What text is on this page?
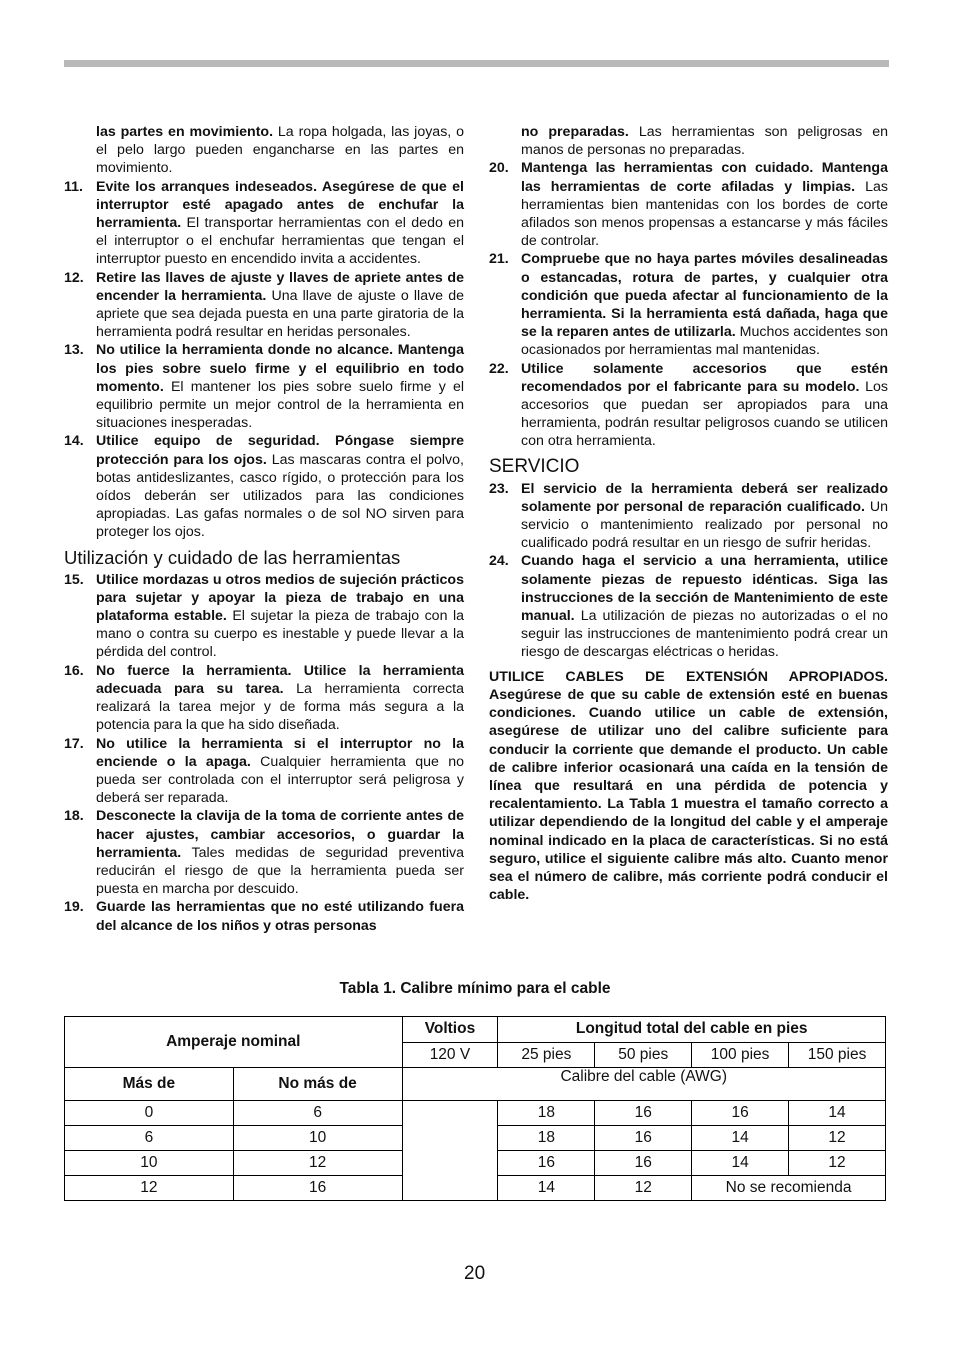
las partes en movimiento. La ropa holgada, las joyas, o el pelo largo pueden engancharse en las partes en movimiento.
11. Evite los arranques indeseados. Asegúrese de que el interruptor esté apagado antes de enchufar la herramienta. El transportar herramientas con el dedo en el interruptor o el enchufar herramientas que tengan el interruptor puesto en encendido invita a accidentes.
12. Retire las llaves de ajuste y llaves de apriete antes de encender la herramienta. Una llave de ajuste o llave de apriete que sea dejada puesta en una parte giratoria de la herramienta podrá resultar en heridas personales.
13. No utilice la herramienta donde no alcance. Mantenga los pies sobre suelo firme y el equilibrio en todo momento. El mantener los pies sobre suelo firme y el equilibrio permite un mejor control de la herramienta en situaciones inesperadas.
14. Utilice equipo de seguridad. Póngase siempre protección para los ojos. Las mascaras contra el polvo, botas antideslizantes, casco rígido, o protección para los oídos deberán ser utilizados para las condiciones apropiadas. Las gafas normales o de sol NO sirven para proteger los ojos.
Utilización y cuidado de las herramientas
15. Utilice mordazas u otros medios de sujeción prácticos para sujetar y apoyar la pieza de trabajo en una plataforma estable. El sujetar la pieza de trabajo con la mano o contra su cuerpo es inestable y puede llevar a la pérdida del control.
16. No fuerce la herramienta. Utilice la herramienta adecuada para su tarea. La herramienta correcta realizará la tarea mejor y de forma más segura a la potencia para la que ha sido diseñada.
17. No utilice la herramienta si el interruptor no la enciende o la apaga. Cualquier herramienta que no pueda ser controlada con el interruptor será peligrosa y deberá ser reparada.
18. Desconecte la clavija de la toma de corriente antes de hacer ajustes, cambiar accesorios, o guardar la herramienta. Tales medidas de seguridad preventiva reducirán el riesgo de que la herramienta pueda ser puesta en marcha por descuido.
19. Guarde las herramientas que no esté utilizando fuera del alcance de los niños y otras personas
no preparadas. Las herramientas son peligrosas en manos de personas no preparadas.
20. Mantenga las herramientas con cuidado. Mantenga las herramientas de corte afiladas y limpias. Las herramientas bien mantenidas con los bordes de corte afilados son menos propensas a estancarse y más fáciles de controlar.
21. Compruebe que no haya partes móviles desalineadas o estancadas, rotura de partes, y cualquier otra condición que pueda afectar al funcionamiento de la herramienta. Si la herramienta está dañada, haga que se la reparen antes de utilizarla. Muchos accidentes son ocasionados por herramientas mal mantenidas.
22. Utilice solamente accesorios que estén recomendados por el fabricante para su modelo. Los accesorios que puedan ser apropiados para una herramienta, podrán resultar peligrosos cuando se utilicen con otra herramienta.
SERVICIO
23. El servicio de la herramienta deberá ser realizado solamente por personal de reparación cualificado. Un servicio o mantenimiento realizado por personal no cualificado podrá resultar en un riesgo de sufrir heridas.
24. Cuando haga el servicio a una herramienta, utilice solamente piezas de repuesto idénticas. Siga las instrucciones de la sección de Mantenimiento de este manual. La utilización de piezas no autorizadas o el no seguir las instrucciones de mantenimiento podrá crear un riesgo de descargas eléctricas o heridas.
UTILICE CABLES DE EXTENSIÓN APROPIADOS. Asegúrese de que su cable de extensión esté en buenas condiciones. Cuando utilice un cable de extensión, asegúrese de utilizar uno del calibre suficiente para conducir la corriente que demande el producto. Un cable de calibre inferior ocasionará una caída en la tensión de línea que resultará en una pérdida de potencia y recalentamiento. La Tabla 1 muestra el tamaño correcto a utilizar dependiendo de la longitud del cable y el amperaje nominal indicado en la placa de características. Si no está seguro, utilice el siguiente calibre más alto. Cuanto menor sea el número de calibre, más corriente podrá conducir el cable.
Tabla 1. Calibre mínimo para el cable
Amperaje nominal		Voltios	Longitud total del cable en pies			
		120 V	25 pies	50 pies	100 pies	150 pies
Más de	No más de	Calibre del cable (AWG)				
0	6		18	16	16	14
6	10		18	16	14	12
10	12		16	16	14	12
12	16		14	12	No se recomienda	
20
